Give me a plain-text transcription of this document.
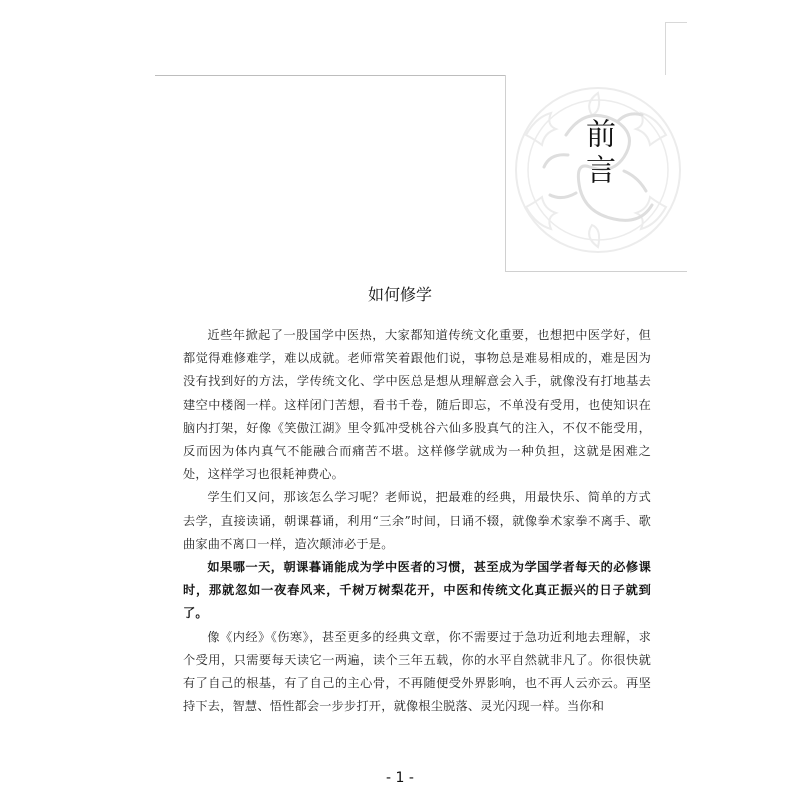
前言
如何修学

近些年掀起了一股国学中医热，大家都知道传统文化重要，也想把中医学好，但都觉得难修难学，难以成就。老师常笑着跟他们说，事物总是难易相成的，难是因为没有找到好的方法，学传统文化、学中医总是想从理解意会入手，就像没有打地基去建空中楼阁一样。这样闭门苦想，看书千卷，随后即忘，不单没有受用，也使知识在脑内打架，好像《笑傲江湖》里令狐冲受桃谷六仙多股真气的注入，不仅不能受用，反而因为体内真气不能融合而痛苦不堪。这样修学就成为一种负担，这就是困难之处，这样学习也很耗神费心。

学生们又问，那该怎么学习呢？老师说，把最难的经典，用最快乐、简单的方式去学，直接读诵，朝课暮诵，利用“三余”时间，日诵不辍，就像拳术家拳不离手、歌曲家曲不离口一样，造次颠沛必于是。

如果哪一天，朝课暮诵能成为学中医者的习惯，甚至成为学国学者每天的必修课时，那就忽如一夜春风来，千树万树梨花开，中医和传统文化真正振兴的日子就到了。

像《内经》《伤寒》，甚至更多的经典文章，你不需要过于急功近利地去理解，求个受用，只需要每天读它一两遍，读个三年五载，你的水平自然就非凡了。你很快就有了自己的根基，有了自己的主心骨，不再随便受外界影响，也不再人云亦云。再坚持下去，智慧、悟性都会一步步打开，就像根尘脱落、灵光闪现一样。当你和

- 1 -
